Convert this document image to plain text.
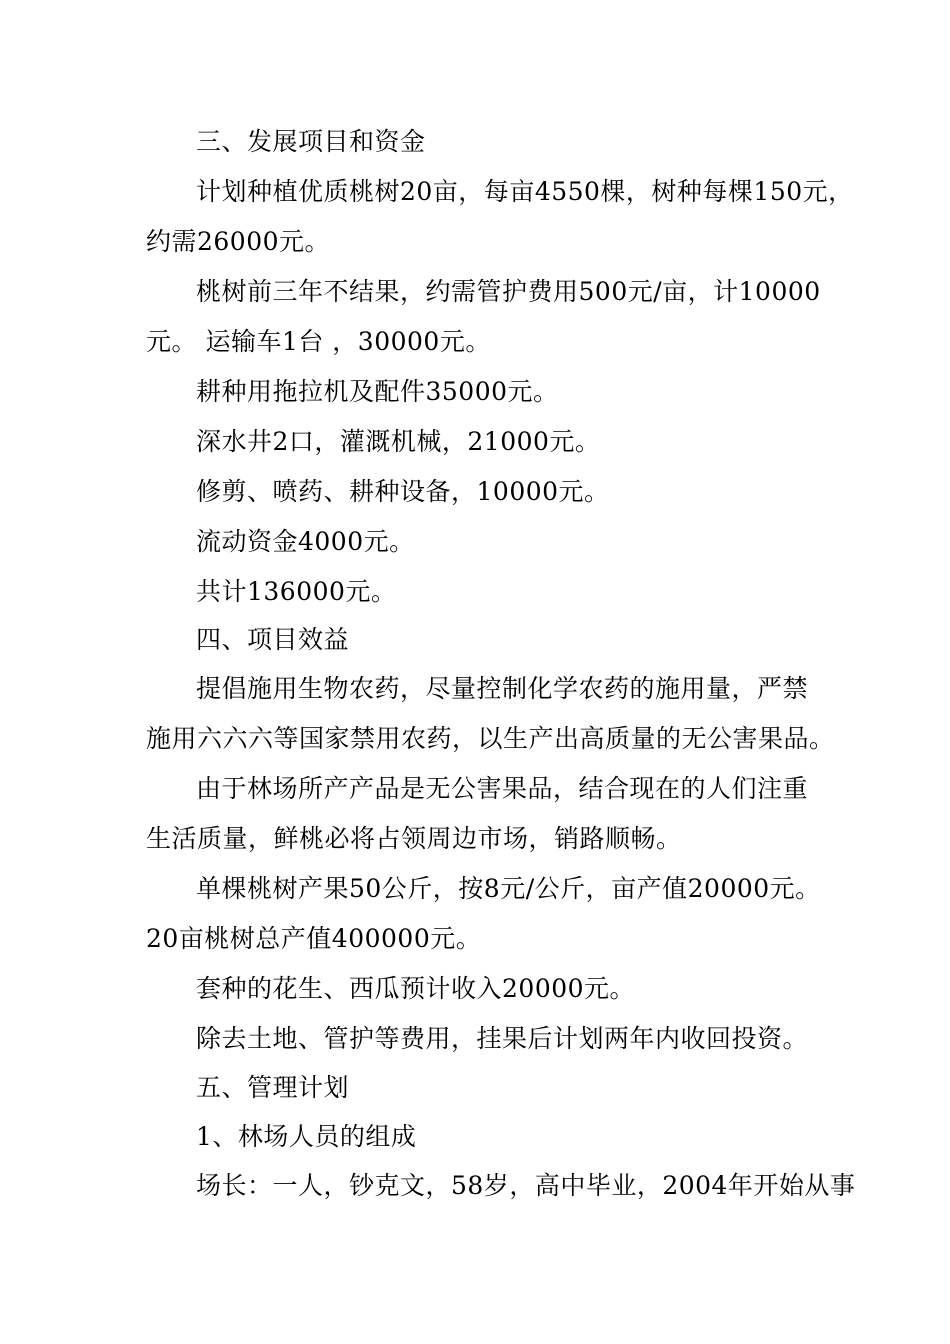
三、发展项目和资金
计划种植优质桃树20亩，每亩4550棵，树种每棵150元，
约需26000元。
桃树前三年不结果，约需管护费用500元/亩，计10000
元。 运输车1台 ，30000元。
耕种用拖拉机及配件35000元。
深水井2口，灌溉机械，21000元。
修剪、喷药、耕种设备，10000元。
流动资金4000元。
共计136000元。
四、项目效益
提倡施用生物农药，尽量控制化学农药的施用量，严禁
施用六六六等国家禁用农药，以生产出高质量的无公害果品。
由于林场所产产品是无公害果品，结合现在的人们注重
生活质量，鲜桃必将占领周边市场，销路顺畅。
单棵桃树产果50公斤，按8元/公斤，亩产值20000元。
20亩桃树总产值400000元。
套种的花生、西瓜预计收入20000元。
除去土地、管护等费用，挂果后计划两年内收回投资。
五、管理计划
1、林场人员的组成
场长：一人，钞克文，58岁，高中毕业，2004年开始从事
